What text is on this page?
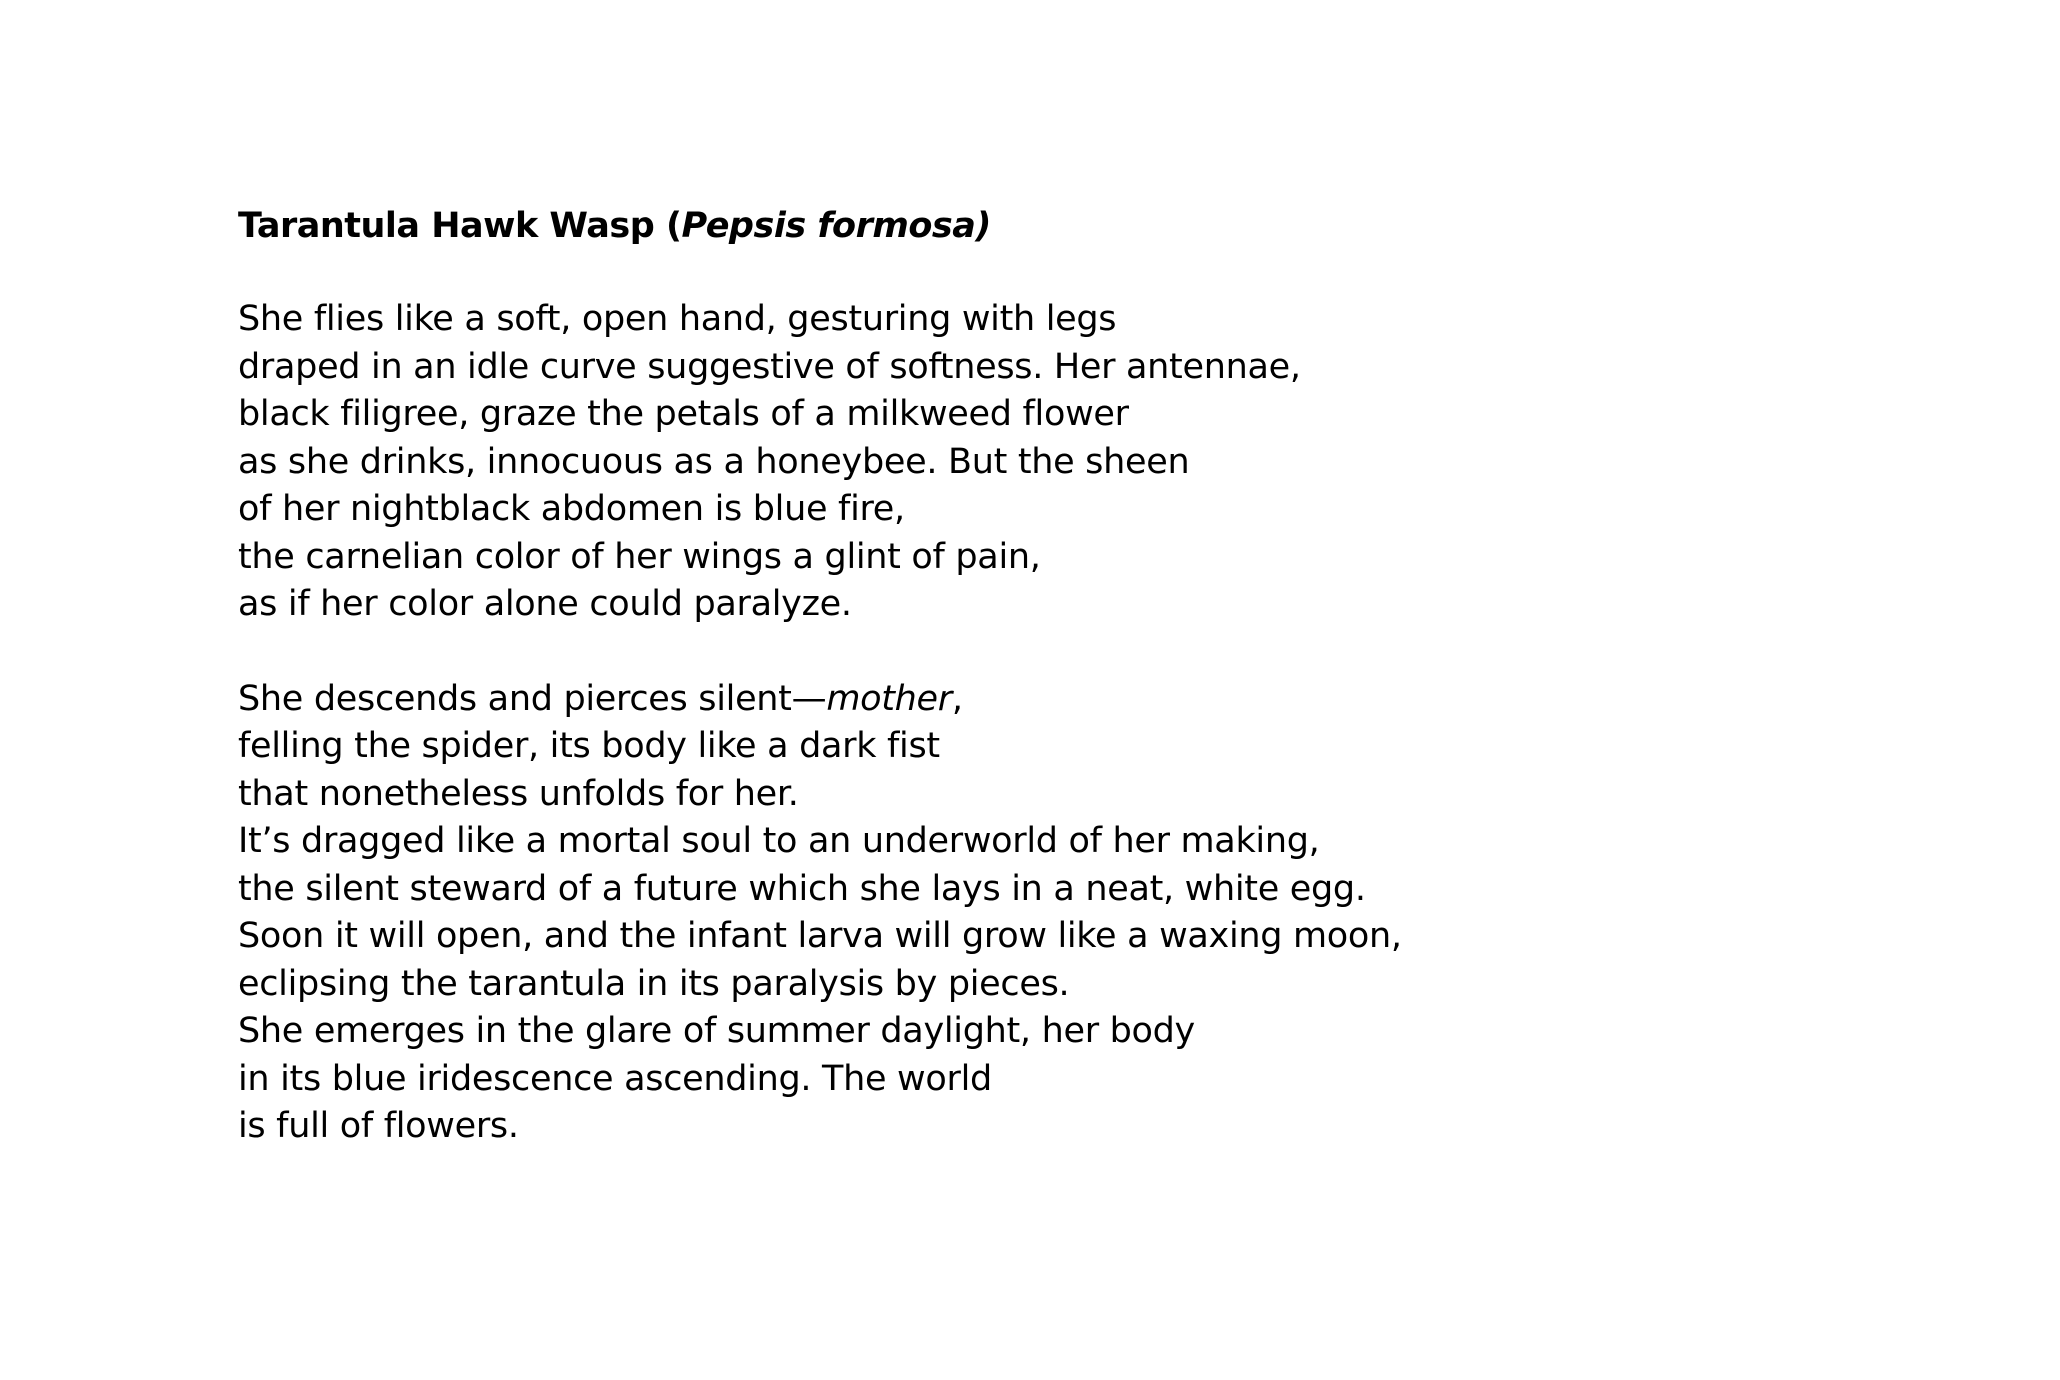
Tarantula Hawk Wasp (Pepsis formosa)
She flies like a soft, open hand, gesturing with legs
draped in an idle curve suggestive of softness. Her antennae,
black filigree, graze the petals of a milkweed flower
as she drinks, innocuous as a honeybee. But the sheen
of her nightblack abdomen is blue fire,
the carnelian color of her wings a glint of pain,
as if her color alone could paralyze.
She descends and pierces silent—mother,
felling the spider, its body like a dark fist
that nonetheless unfolds for her.
It’s dragged like a mortal soul to an underworld of her making,
the silent steward of a future which she lays in a neat, white egg.
Soon it will open, and the infant larva will grow like a waxing moon,
eclipsing the tarantula in its paralysis by pieces.
She emerges in the glare of summer daylight, her body
in its blue iridescence ascending. The world
is full of flowers.
